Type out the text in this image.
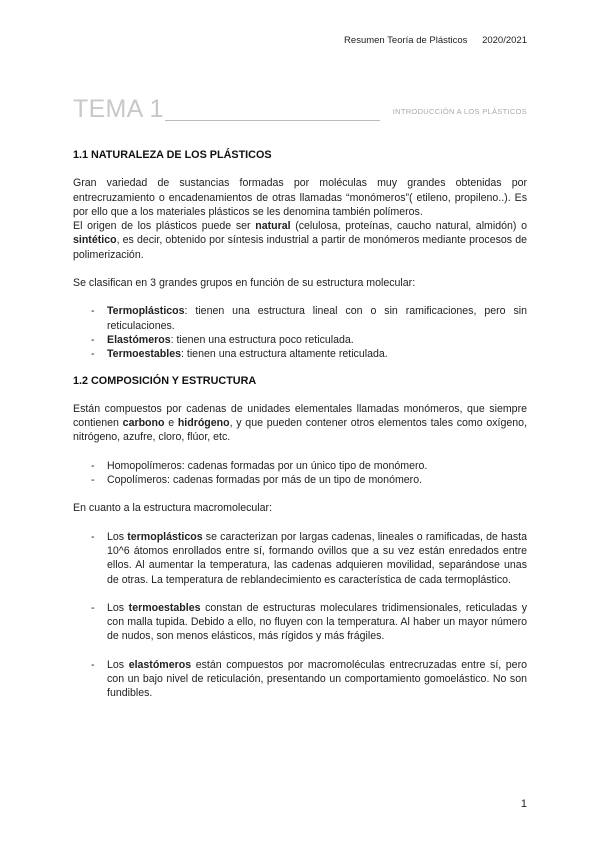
Resumen Teoría de Plásticos 2020/2021
TEMA 1	INTRODUCCIÓN A LOS PLÁSTICOS
1.1 NATURALEZA DE LOS PLÁSTICOS

Gran variedad de sustancias formadas por moléculas muy grandes obtenidas por entrecruzamiento o encadenamientos de otras llamadas “monómeros”( etileno, propileno..). Es por ello que a los materiales plásticos se les denomina también polímeros.

El origen de los plásticos puede ser natural (celulosa, proteínas, caucho natural, almidón) o sintético, es decir, obtenido por síntesis industrial a partir de monómeros mediante procesos de polimerización.

Se clasifican en 3 grandes grupos en función de su estructura molecular:

- Termoplásticos: tienen una estructura lineal con o sin ramificaciones, pero sin reticulaciones.
- Elastómeros: tienen una estructura poco reticulada.
- Termoestables: tienen una estructura altamente reticulada.
1.2 COMPOSICIÓN Y ESTRUCTURA

Están compuestos por cadenas de unidades elementales llamadas monómeros, que siempre contienen carbono e hidrógeno, y que pueden contener otros elementos tales como oxígeno, nitrógeno, azufre, cloro, flúor, etc.

- Homopolímeros: cadenas formadas por un único tipo de monómero.
- Copolímeros: cadenas formadas por más de un tipo de monómero.

En cuanto a la estructura macromolecular:

- Los termoplásticos se caracterizan por largas cadenas, lineales o ramificadas, de hasta 10^6 átomos enrollados entre sí, formando ovillos que a su vez están enredados entre ellos. Al aumentar la temperatura, las cadenas adquieren movilidad, separándose unas de otras. La temperatura de reblandecimiento es característica de cada termoplástico.
- Los termoestables constan de estructuras moleculares tridimensionales, reticuladas y con malla tupida. Debido a ello, no fluyen con la temperatura. Al haber un mayor número de nudos, son menos elásticos, más rígidos y más frágiles.
- Los elastómeros están compuestos por macromoléculas entrecruzadas entre sí, pero con un bajo nivel de reticulación, presentando un comportamiento gomoelástico. No son fundibles.
1
